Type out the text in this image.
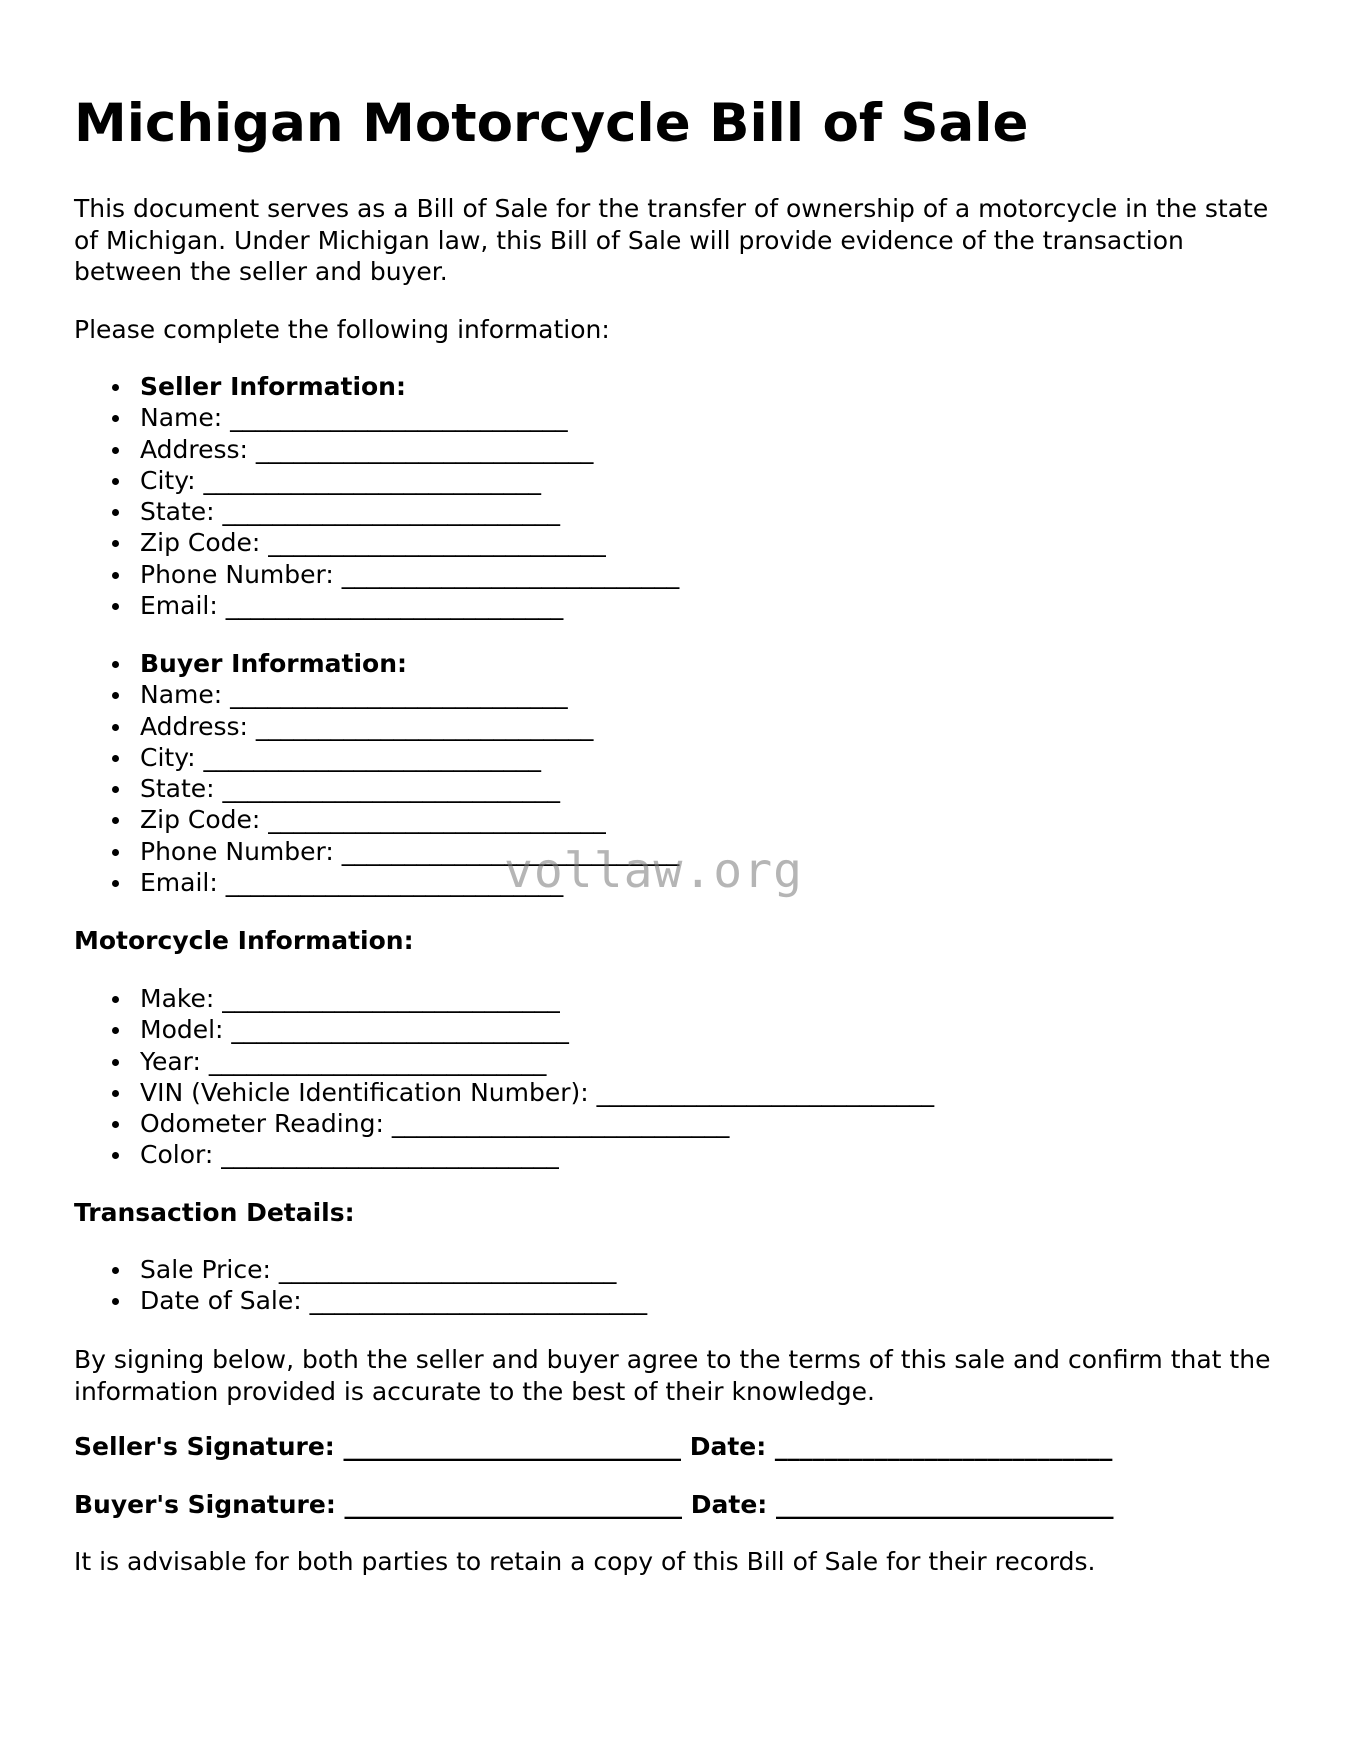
Michigan Motorcycle Bill of Sale

This document serves as a Bill of Sale for the transfer of ownership of a motorcycle in the state of Michigan. Under Michigan law, this Bill of Sale will provide evidence of the transaction between the seller and buyer.

Please complete the following information:

Seller Information:
Name: ___________________________
Address: ___________________________
City: ___________________________
State: ___________________________
Zip Code: ___________________________
Phone Number: ___________________________
Email: ___________________________
Buyer Information:
Name: ___________________________
Address: ___________________________
City: ___________________________
State: ___________________________
Zip Code: ___________________________
Phone Number: ___________________________
Email: ___________________________

Motorcycle Information:

Make: ___________________________
Model: ___________________________
Year: ___________________________
VIN (Vehicle Identification Number): ___________________________
Odometer Reading: ___________________________
Color: ___________________________

Transaction Details:

Sale Price: ___________________________
Date of Sale: ___________________________

By signing below, both the seller and buyer agree to the terms of this sale and confirm that the information provided is accurate to the best of their knowledge.

Seller's Signature: ___________________________ Date: ___________________________

Buyer's Signature: ___________________________ Date: ___________________________

It is advisable for both parties to retain a copy of this Bill of Sale for their records.

vollaw.org
